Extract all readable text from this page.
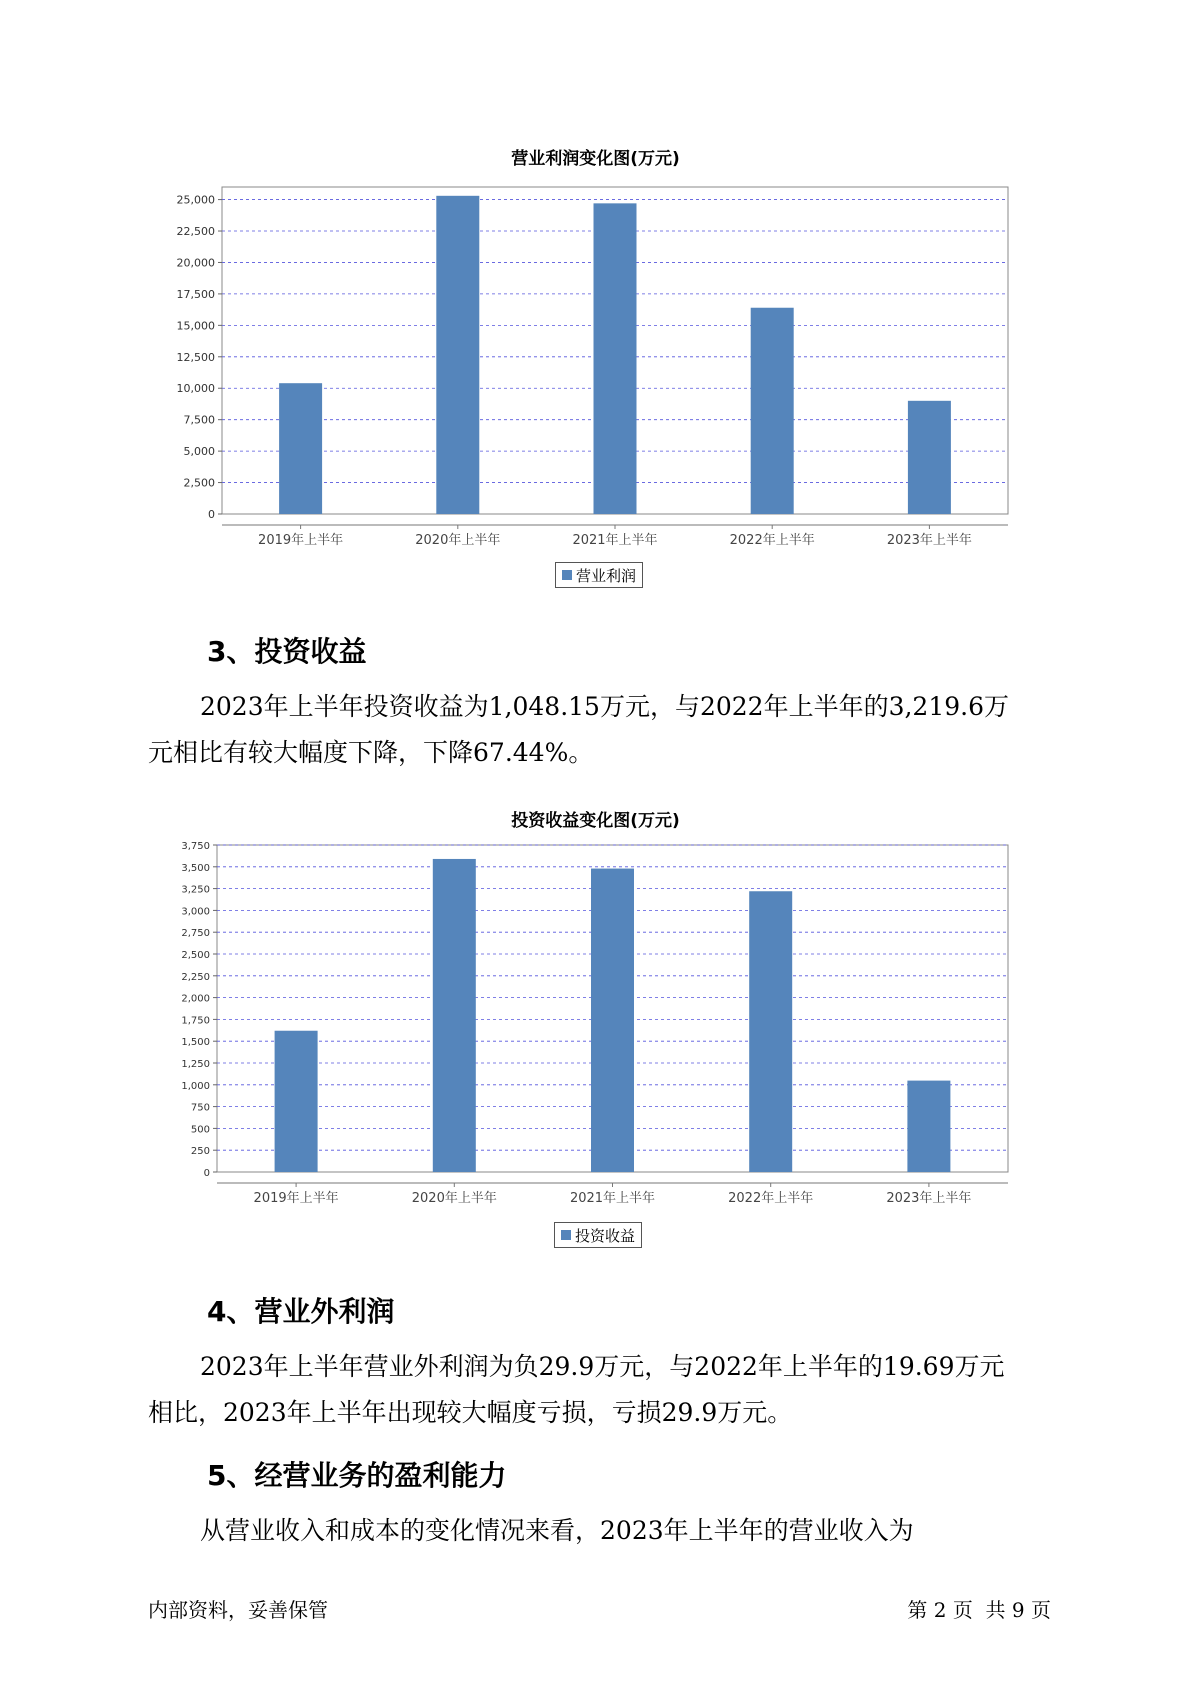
营业利润变化图(万元)
0
2,500
5,000
7,500
10,000
12,500
15,000
17,500
20,000
22,500
25,000
2019年上半年	2020年上半年	2021年上半年	2022年上半年	2023年上半年
营业利润
3、投资收益
2023年上半年投资收益为1,048.15万元，与2022年上半年的3,219.6万
元相比有较大幅度下降，下降67.44%。
投资收益变化图(万元)
0
250
500
750
1,000
1,250
1,500
1,750
2,000
2,250
2,500
2,750
3,000
3,250
3,500
3,750
2019年上半年	2020年上半年	2021年上半年	2022年上半年	2023年上半年
投资收益
4、营业外利润
2023年上半年营业外利润为负29.9万元，与2022年上半年的19.69万元
相比，2023年上半年出现较大幅度亏损，亏损29.9万元。
5、经营业务的盈利能力
从营业收入和成本的变化情况来看，2023年上半年的营业收入为
内部资料，妥善保管	第 2 页  共 9 页
